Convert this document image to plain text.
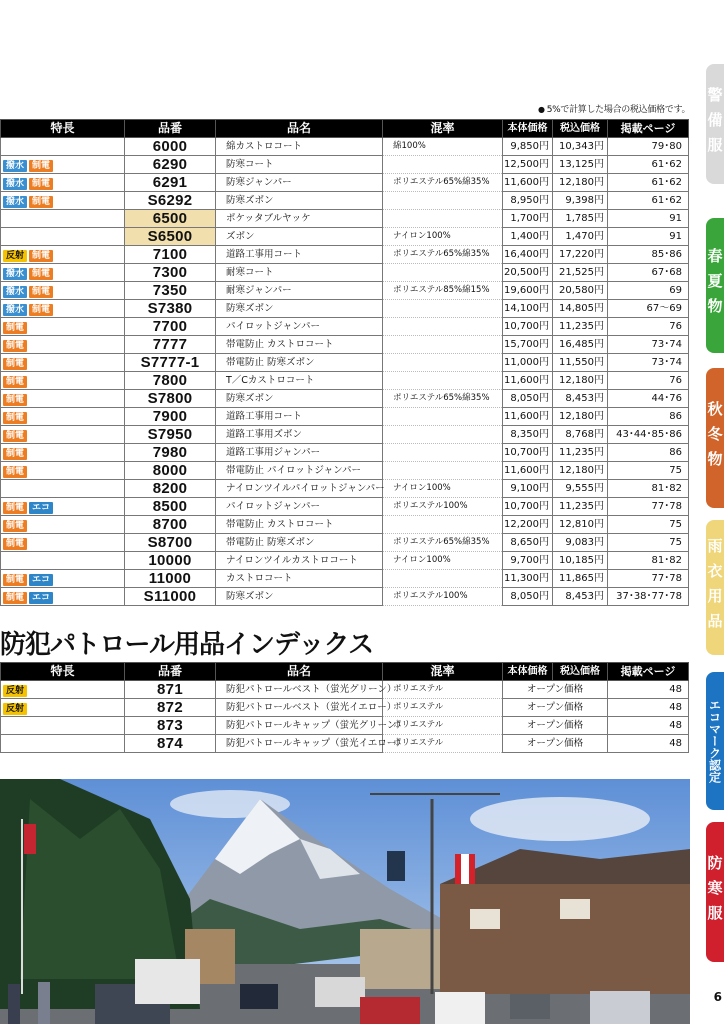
● 5%で計算した場合の税込価格です。
特長	品番	品名	混率	本体価格	税込価格	掲載ページ
	6000	綿カストロコート	綿100%	9,850円	10,343円	79･80
撥水 制電	6290	防寒コート		12,500円	13,125円	61･62
撥水 制電	6291	防寒ジャンパー	ポリエステル65%綿35%	11,600円	12,180円	61･62
撥水 制電	S6292	防寒ズボン		8,950円	9,398円	61･62
	6500	ポケッタブルヤッケ		1,700円	1,785円	91
	S6500	ズボン	ナイロン100%	1,400円	1,470円	91
反射 制電	7100	道路工事用コート	ポリエステル65%綿35%	16,400円	17,220円	85･86
撥水 制電	7300	耐寒コート		20,500円	21,525円	67･68
撥水 制電	7350	耐寒ジャンパー	ポリエステル85%綿15%	19,600円	20,580円	69
撥水 制電	S7380	防寒ズボン		14,100円	14,805円	67〜69
制電	7700	パイロットジャンパー		10,700円	11,235円	76
制電	7777	帯電防止 カストロコート		15,700円	16,485円	73･74
制電	S7777-1	帯電防止 防寒ズボン		11,000円	11,550円	73･74
制電	7800	T／Cカストロコート		11,600円	12,180円	76
制電	S7800	防寒ズボン	ポリエステル65%綿35%	8,050円	8,453円	44･76
制電	7900	道路工事用コート		11,600円	12,180円	86
制電	S7950	道路工事用ズボン		8,350円	8,768円	43･44･85･86
制電	7980	道路工事用ジャンパー		10,700円	11,235円	86
制電	8000	帯電防止 パイロットジャンパー		11,600円	12,180円	75
	8200	ナイロンツイルパイロットジャンパー	ナイロン100%	9,100円	9,555円	81･82
制電 エコ	8500	パイロットジャンパー	ポリエステル100%	10,700円	11,235円	77･78
制電	8700	帯電防止 カストロコート		12,200円	12,810円	75
制電	S8700	帯電防止 防寒ズボン	ポリエステル65%綿35%	8,650円	9,083円	75
	10000	ナイロンツイルカストロコート	ナイロン100%	9,700円	10,185円	81･82
制電 エコ	11000	カストロコート		11,300円	11,865円	77･78
制電 エコ	S11000	防寒ズボン	ポリエステル100%	8,050円	8,453円	37･38･77･78
防犯パトロール用品インデックス
特長	品番	品名	混率	本体価格	税込価格	掲載ページ
反射	871	防犯パトロールベスト（蛍光グリーン）	ポリエステル	オープン価格		48
反射	872	防犯パトロールベスト（蛍光イエロー）	ポリエステル	オープン価格		48
	873	防犯パトロールキャップ（蛍光グリーン）	ポリエステル	オープン価格		48
	874	防犯パトロールキャップ（蛍光イエロー）	ポリエステル	オープン価格		48
警備服
春夏物
秋冬物
雨衣用品
エコマーク認定
防寒服
6
